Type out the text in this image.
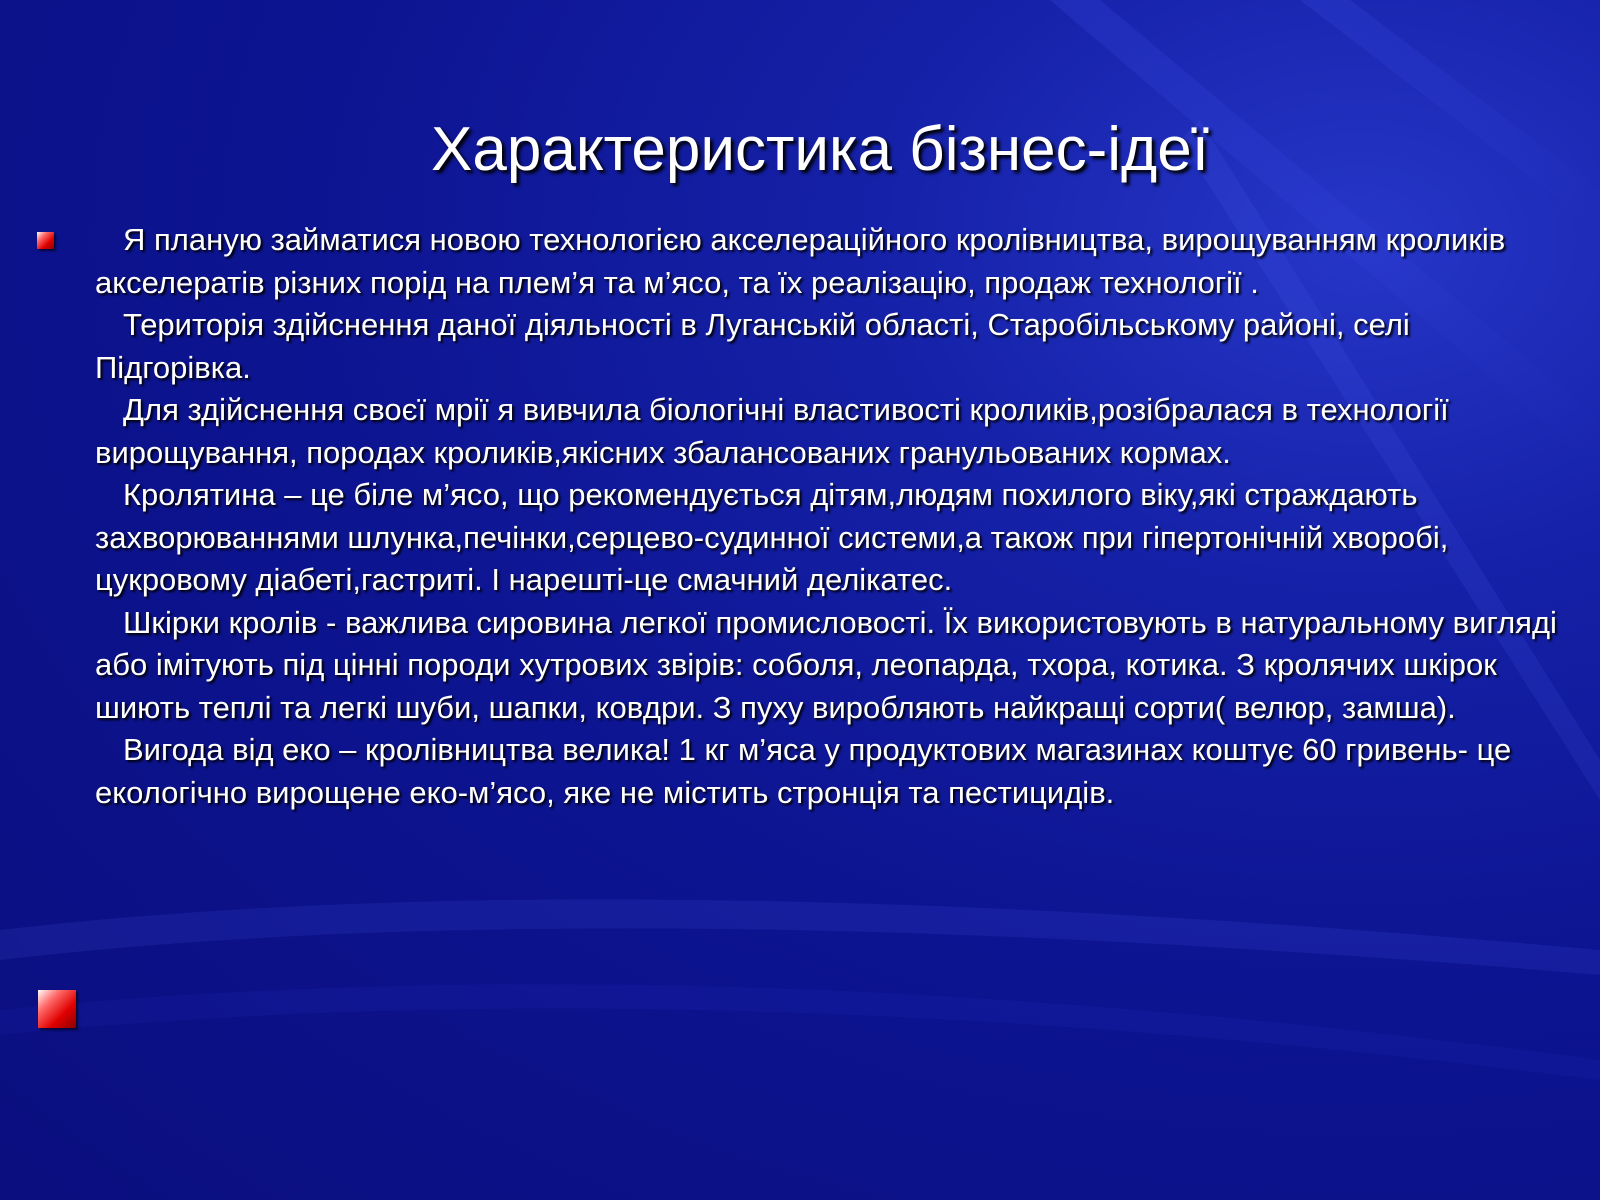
Характеристика бізнес-ідеї

Я планую займатися новою технологією акселераційного кролівництва, вирощуванням кроликів акселератів різних порід на плем’я та м’ясо, та їх реалізацію, продаж технології .

Територія здійснення даної діяльності в Луганській області, Старобільському районі, селі Підгорівка.

Для здійснення своєї мрії я вивчила біологічні властивості кроликів,розібралася в технології вирощування, породах кроликів,якісних збалансованих гранульованих кормах.

Кролятина – це біле м’ясо, що рекомендується дітям,людям похилого віку,які страждають захворюваннями шлунка,печінки,серцево-судинної системи,а також при гіпертонічній хворобі, цукровому діабеті,гастриті. І нарешті-це смачний делікатес.

Шкірки кролів - важлива сировина легкої промисловості. Їх використовують в натуральному вигляді або імітують під цінні породи хутрових звірів: соболя, леопарда, тхора, котика. З кролячих шкірок шиють теплі та легкі шуби, шапки, ковдри. З пуху виробляють найкращі сорти( велюр, замша).

Вигода від еко – кролівництва велика! 1 кг м’яса у продуктових магазинах коштує 60 гривень- це екологічно вирощене еко-м’ясо, яке не містить стронція та пестицидів.
